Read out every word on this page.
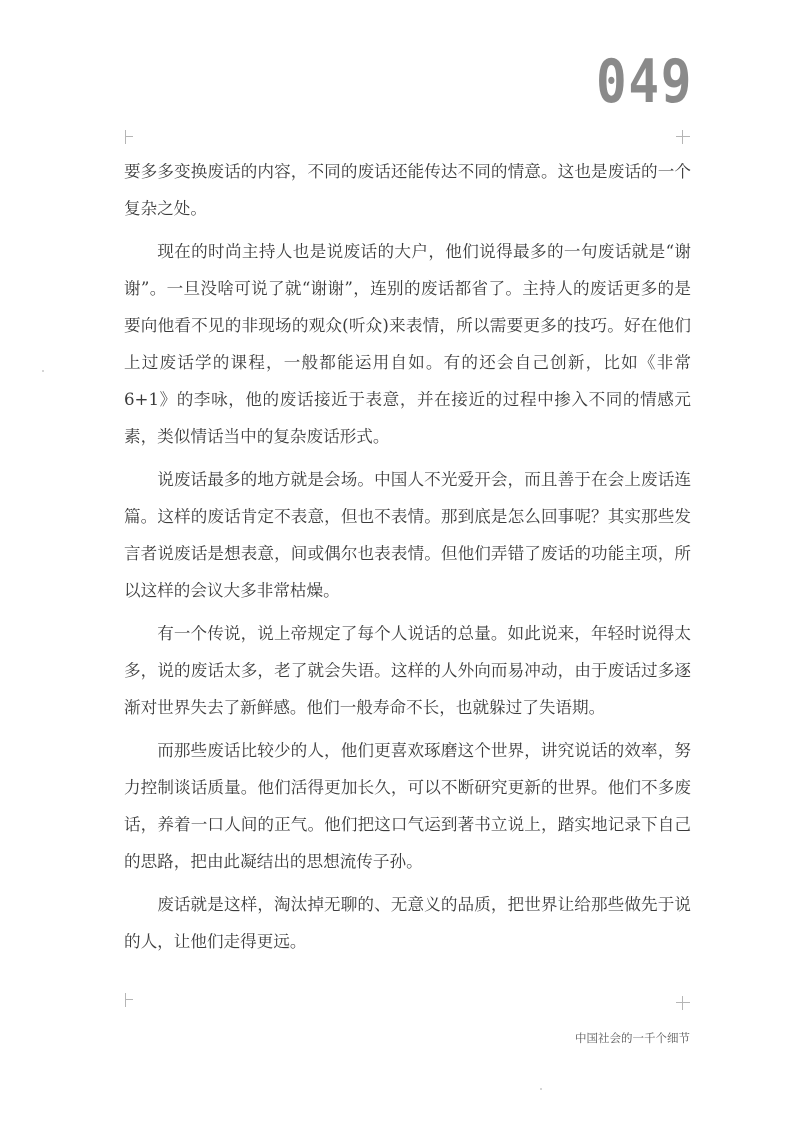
049

要多多变换废话的内容，不同的废话还能传达不同的情意。这也是废话的一个复杂之处。

现在的时尚主持人也是说废话的大户，他们说得最多的一句废话就是“谢谢”。一旦没啥可说了就“谢谢”，连别的废话都省了。主持人的废话更多的是要向他看不见的非现场的观众(听众)来表情，所以需要更多的技巧。好在他们上过废话学的课程，一般都能运用自如。有的还会自己创新，比如《非常 6+1》的李咏，他的废话接近于表意，并在接近的过程中掺入不同的情感元素，类似情话当中的复杂废话形式。

说废话最多的地方就是会场。中国人不光爱开会，而且善于在会上废话连篇。这样的废话肯定不表意，但也不表情。那到底是怎么回事呢？其实那些发言者说废话是想表意，间或偶尔也表表情。但他们弄错了废话的功能主项，所以这样的会议大多非常枯燥。

有一个传说，说上帝规定了每个人说话的总量。如此说来，年轻时说得太多，说的废话太多，老了就会失语。这样的人外向而易冲动，由于废话过多逐渐对世界失去了新鲜感。他们一般寿命不长，也就躲过了失语期。

而那些废话比较少的人，他们更喜欢琢磨这个世界，讲究说话的效率，努力控制谈话质量。他们活得更加长久，可以不断研究更新的世界。他们不多废话，养着一口人间的正气。他们把这口气运到著书立说上，踏实地记录下自己的思路，把由此凝结出的思想流传子孙。

废话就是这样，淘汰掉无聊的、无意义的品质，把世界让给那些做先于说的人，让他们走得更远。

中国社会的一千个细节
